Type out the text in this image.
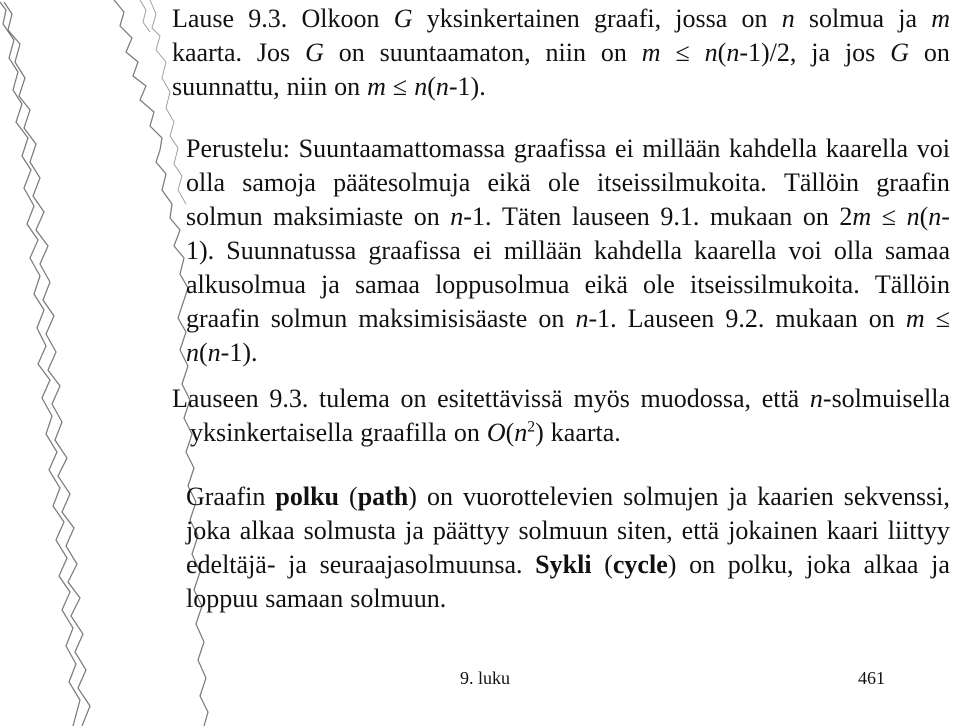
Lause 9.3. Olkoon G yksinkertainen graafi, jossa on n solmua ja m
kaarta. Jos G on suuntaamaton, niin on m ≤ n(n-1)/2, ja jos G on
suunnattu, niin on m ≤ n(n-1).
Perustelu: Suuntaamattomassa graafissa ei millään kahdella kaarella voi
olla samoja päätesolmuja eikä ole itseissilmukoita. Tällöin graafin
solmun maksimiaste on n-1. Täten lauseen 9.1. mukaan on 2m ≤ n(n-
1). Suunnatussa graafissa ei millään kahdella kaarella voi olla samaa
alkusolmua ja samaa loppusolmua eikä ole itseissilmukoita. Tällöin
graafin solmun maksimisisäaste on n-1. Lauseen 9.2. mukaan on m ≤
n(n-1).
Lauseen 9.3. tulema on esitettävissä myös muodossa, että n-solmuisella
yksinkertaisella graafilla on $O(n^2)$ kaarta.
Graafin polku (path) on vuorottelevien solmujen ja kaarien sekvenssi,
joka alkaa solmusta ja päättyy solmuun siten, että jokainen kaari liittyy
edeltäjä- ja seuraajasolmuunsa. Sykli (cycle) on polku, joka alkaa ja
loppuu samaan solmuun.
9. luku	461
